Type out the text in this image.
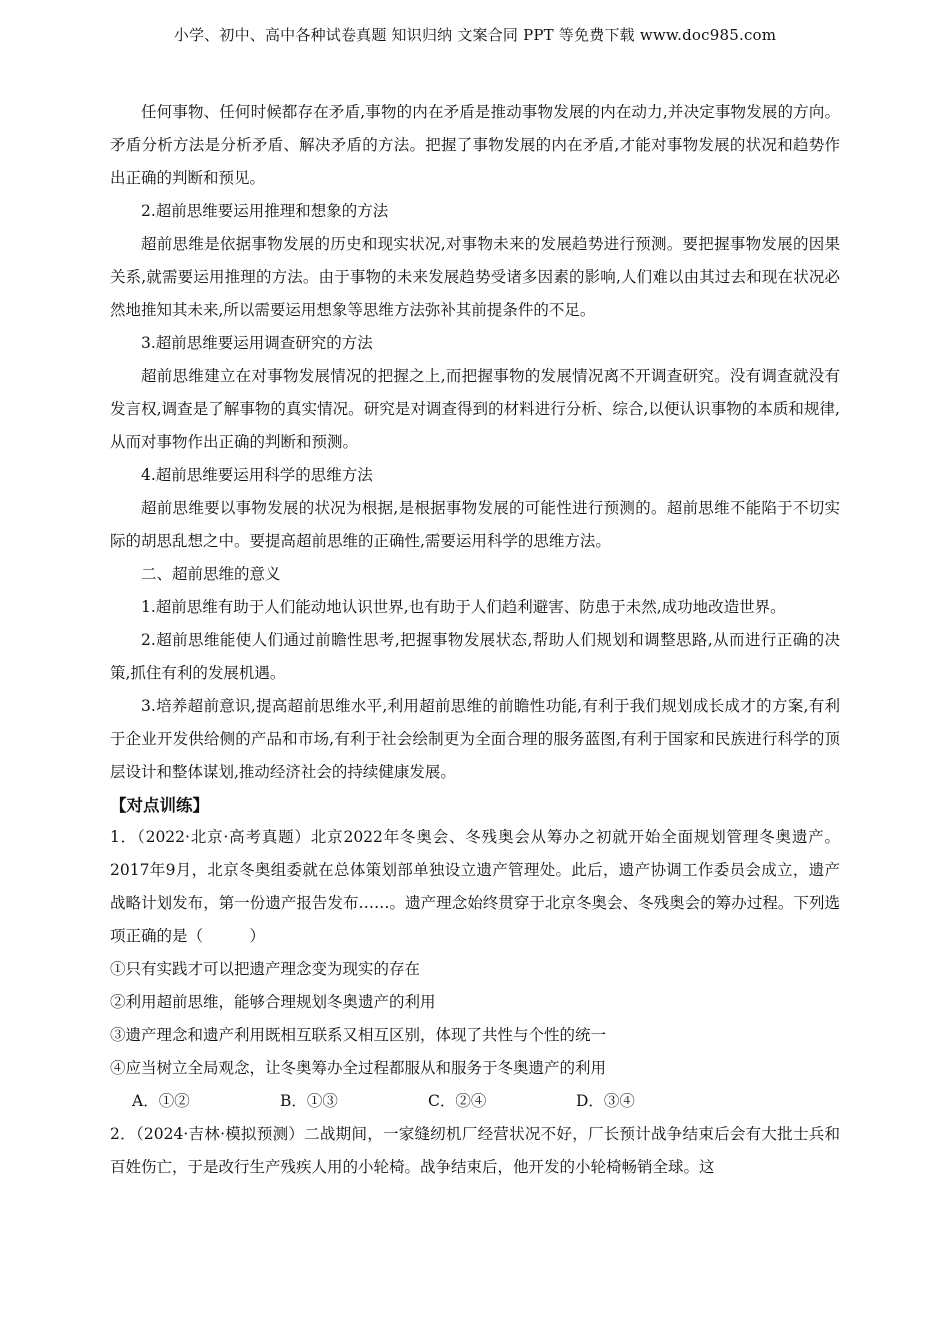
小学、初中、高中各种试卷真题 知识归纳 文案合同 PPT 等免费下载 www.doc985.com

任何事物、任何时候都存在矛盾,事物的内在矛盾是推动事物发展的内在动力,并决定事物发展的方向。矛盾分析方法是分析矛盾、解决矛盾的方法。把握了事物发展的内在矛盾,才能对事物发展的状况和趋势作出正确的判断和预见。

2.超前思维要运用推理和想象的方法

超前思维是依据事物发展的历史和现实状况,对事物未来的发展趋势进行预测。要把握事物发展的因果关系,就需要运用推理的方法。由于事物的未来发展趋势受诸多因素的影响,人们难以由其过去和现在状况必然地推知其未来,所以需要运用想象等思维方法弥补其前提条件的不足。

3.超前思维要运用调查研究的方法

超前思维建立在对事物发展情况的把握之上,而把握事物的发展情况离不开调查研究。没有调查就没有发言权,调查是了解事物的真实情况。研究是对调查得到的材料进行分析、综合,以便认识事物的本质和规律,从而对事物作出正确的判断和预测。

4.超前思维要运用科学的思维方法

超前思维要以事物发展的状况为根据,是根据事物发展的可能性进行预测的。超前思维不能陷于不切实际的胡思乱想之中。要提高超前思维的正确性,需要运用科学的思维方法。

二、超前思维的意义

1.超前思维有助于人们能动地认识世界,也有助于人们趋利避害、防患于未然,成功地改造世界。

2.超前思维能使人们通过前瞻性思考,把握事物发展状态,帮助人们规划和调整思路,从而进行正确的决策,抓住有利的发展机遇。

3.培养超前意识,提高超前思维水平,利用超前思维的前瞻性功能,有利于我们规划成长成才的方案,有利于企业开发供给侧的产品和市场,有利于社会绘制更为全面合理的服务蓝图,有利于国家和民族进行科学的顶层设计和整体谋划,推动经济社会的持续健康发展。

【对点训练】

1．（2022·北京·高考真题）北京2022年冬奥会、冬残奥会从筹办之初就开始全面规划管理冬奥遗产。2017年9月，北京冬奥组委就在总体策划部单独设立遗产管理处。此后，遗产协调工作委员会成立，遗产战略计划发布，第一份遗产报告发布……。遗产理念始终贯穿于北京冬奥会、冬残奥会的筹办过程。下列选项正确的是（　　　）

①只有实践才可以把遗产理念变为现实的存在

②利用超前思维，能够合理规划冬奥遗产的利用

③遗产理念和遗产利用既相互联系又相互区别，体现了共性与个性的统一

④应当树立全局观念，让冬奥筹办全过程都服从和服务于冬奥遗产的利用

A．①②	B．①③	C．②④	D．③④

2．（2024·吉林·模拟预测）二战期间，一家缝纫机厂经营状况不好，厂长预计战争结束后会有大批士兵和百姓伤亡，于是改行生产残疾人用的小轮椅。战争结束后，他开发的小轮椅畅销全球。这
